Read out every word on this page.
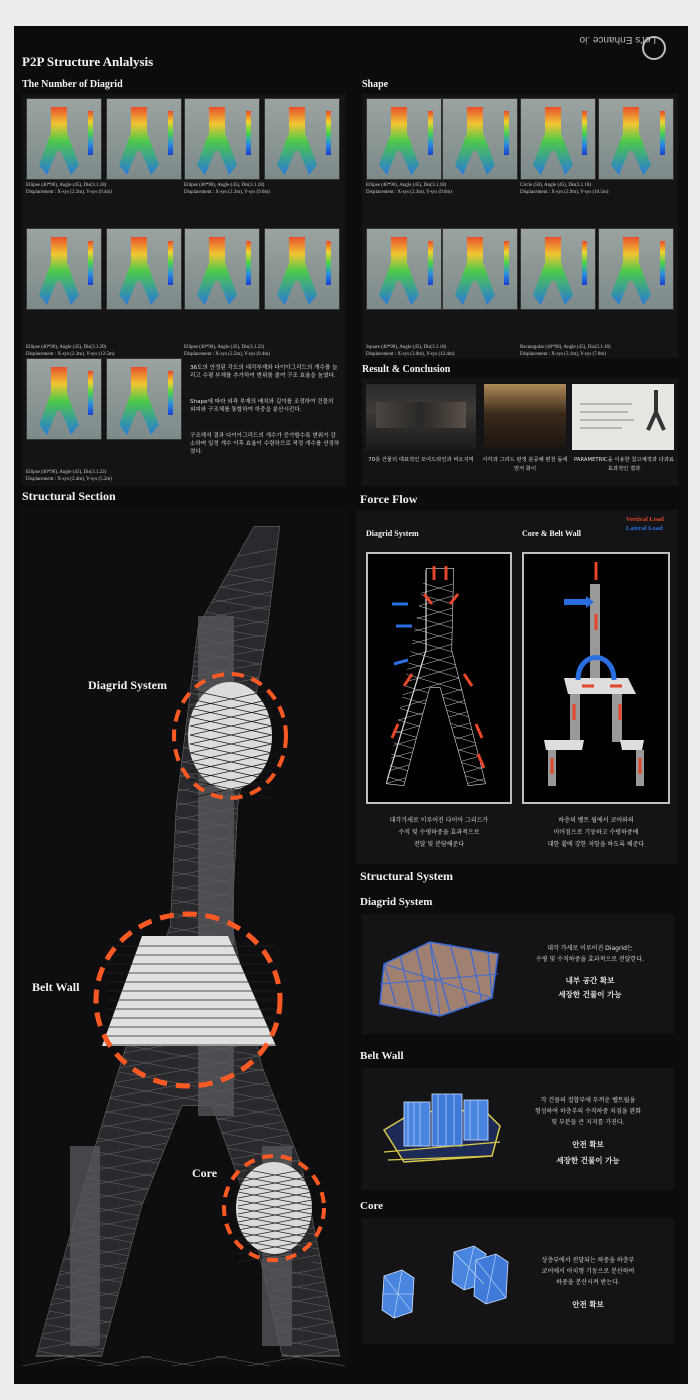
P2P Structure Anlalysis
The Number of Diagrid
Let's Enhance .io
Ellipse (40*90), Angle (45), Dis(3.1.18)
Displacement : X-sys (2.3m), Y-sys (9.4m)
Ellipse (40*90), Angle (45), Dis(3.1.18)
Displacement : X-sys (2.3m), Y-sys (9.6m)
Ellipse (40*90), Angle (45), Dis(3.1.20)
Displacement : X-sys (2.3m), Y-sys (12.5m)
Ellipse (40*90), Angle (45), Dis(3.1.22)
Displacement : X-sys (2.5m), Y-sys (9.4m)
Ellipse (40*90), Angle (45), Dis(3.1.22)
Displacement : X-sys (2.4m), Y-sys (5.2m)
36도의 안정된 각도의 대각부재와 다이아그리드의 개수를 늘리고 수평 부재를 추가하여 변위를 줄여 구조 효율을 높였다.
Shape에 따라 외곽 부재의 배치와 길이를 조정하여 건물의 외피와 구조체를 통합하여 하중을 분산시킨다.
구조해석 결과 다이아그리드의 개수가 증가할수록 변위가 감소하며 일정 개수 이후 효율이 수렴하므로 적정 개수를 선정하였다.
Shape
Ellipse (40*90), Angle (45), Dis(3.1.18)
Displacement : X-sys (2.3m), Y-sys (9.6m)
Circle (50), Angle (45), Dis(3.1.18)
Displacement : X-sys (2.9m), Y-sys (10.5m)
Square (40*90), Angle (45), Dis(3.1.18)
Displacement : X-sys (3.0m), Y-sys (12.4m)
Rectangular (40*90), Angle (45), Dis(3.1.18)
Displacement : X-sys (3.1m), Y-sys (7.8m)
Result & Conclusion
70층 건물의 대표적인 모여드라인과 비오지역	사각과 그리드 판정 분공해 편천 돌에 먼저 화이
PARAMETRIC을 이용한 참고체적과 다과료 효과적인 결과
Structural Section
Diagrid System
Belt Wall
Core
Force Flow
Vertical Load
Lateral Load
Diagrid System	Core & Belt Wall
대각가새로 이루어진 다이아 그리드가
수직 및 수평하중을 효과적으로
전달 및 분담해준다
하층의 벨트 월에서 코어와의
이어짐으로 기둥하고 수평하중에
대한 휨에 강한 저항을 하도록 해준다
Structural System
Diagrid System
대각 가새로 이루어진 Diagrid는
수평 및 수직하중을 효과적으로 전달한다.
내부 공간 확보
세장한 건물이 가능
Belt Wall
각 건물의 접합부에 두꺼운 벨트월을
형성하여 하층부의 수직하중 처짐을 완화
및 부분들 큰 지지를 가진다.
안전 확보
세장한 건물이 가능
Core
상층부에서 전달되는 하중을 하층부
코어에서 아치형 기둥으로 분산하여
하중을 분산시켜 받는다.
안전 확보
